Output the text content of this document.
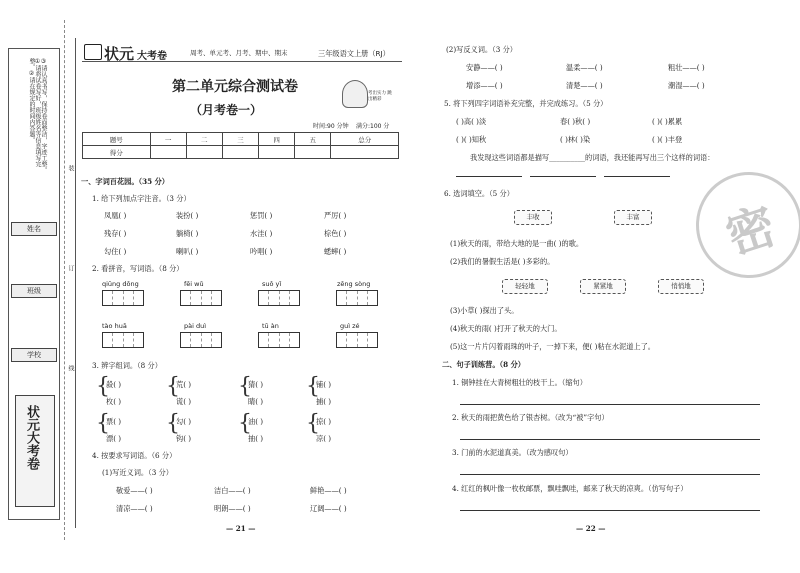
①请将试卷写好，班级姓名等信息填写完整。②请在规定的时间内答题。 ③请认真书写，保持卷面整洁，字迹工整。
姓名
班级
学校
状元大考卷
装
订
线
状元 大考卷	周考、单元考、月考、期中、期末	三年级语文上册（RJ）
第二单元综合测试卷
（月考卷一）
考出实力 跳出精彩
时间:90 分钟 满分:100 分
题号	一	二	三	四	五	总分
得分						
一、字词百花园。（35 分）
1. 给下列加点字注音。（3 分）
凤凰( )	装扮( )	惩罚( )	严厉( )
残存( )	躺椅( )	水洼( )	棕色( )
勾住( )	喇叭( )	吟唱( )	蟋蟀( )
2. 看拼音，写词语。（8 分）
qiūng dōng	fēi wǔ	suǒ yǐ	zēng sòng
tào huā	pài duì	tū àn	guì zé
3. 辨字组词。（8 分）
{
殺( )
枚( )
{
荒( )
谎( )
{
猜( )
睛( )
{
铺( )
捕( )
{
票( )
漂( )
{
勾( )
钩( )
{
油( )
抽( )
{
掠( )
凉( )
4. 按要求写词语。（6 分）
(1)写近义词。（3 分）
敬爱——( )	洁白——( )	鲜艳——( )
清凉——( )	明朗——( )	辽阔——( )
— 21 —
(2)写反义词。（3 分）
安静——( )	温柔——( )	粗壮——( )
增添——( )	清楚——( )	潮湿——( )
5. 将下列四字词语补充完整，并完成练习。（5 分）
( )高( )淡	春( )秋( )	( )( )累累
( )( )知秋	( )林( )染	( )( )丰登
我发现这些词语都是描写__________的词语，我还能再写出三个这样的词语：
6. 选词填空。（5 分）
丰收	丰富
(1)秋天的雨，带给大地的是一曲( )的歌。
(2)我们的暑假生活是( )多彩的。
轻轻地	紧紧地	悄悄地
(3)小草( )探出了头。
(4)秋天的雨( )打开了秋天的大门。
(5)这一片片闪着雨珠的叶子，一掉下来，便( )粘在水泥道上了。
二、句子训练营。（8 分）
1. 铜钟挂在大青树粗壮的枝干上。（缩句）
2. 秋天的雨把黄色给了银杏树。（改为“被”字句）
3. 门前的水泥道真美。（改为感叹句）
4. 红红的枫叶像一枚枚邮票，飘哇飘哇，邮来了秋天的凉爽。（仿写句子）
— 22 —
密
